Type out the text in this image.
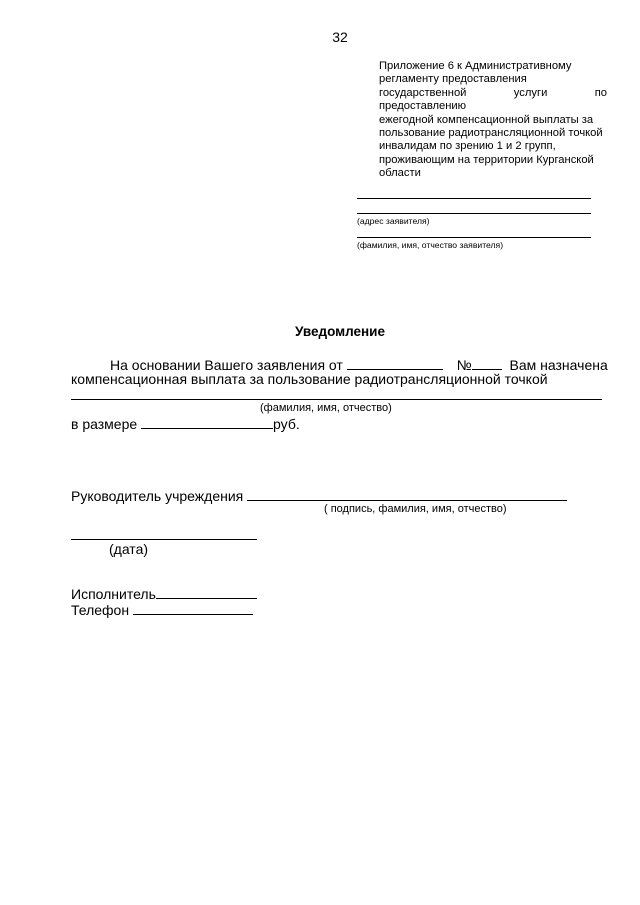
32
Приложение 6 к Административному
регламенту предоставления
государственной услуги по предоставлению
ежегодной компенсационной выплаты за
пользование радиотрансляционной точкой
инвалидам по зрению 1 и 2 групп,
проживающим на территории Курганской
области
(адрес заявителя)
(фамилия, имя, отчество заявителя)
Уведомление
На основании Вашего заявления от	№	Вам назначена
компенсационная выплата за пользование радиотрансляционной точкой
(фамилия, имя, отчество)
в размере	руб.
Руководитель учреждения
( подпись, фамилия, имя, отчество)
(дата)
Исполнитель
Телефон
